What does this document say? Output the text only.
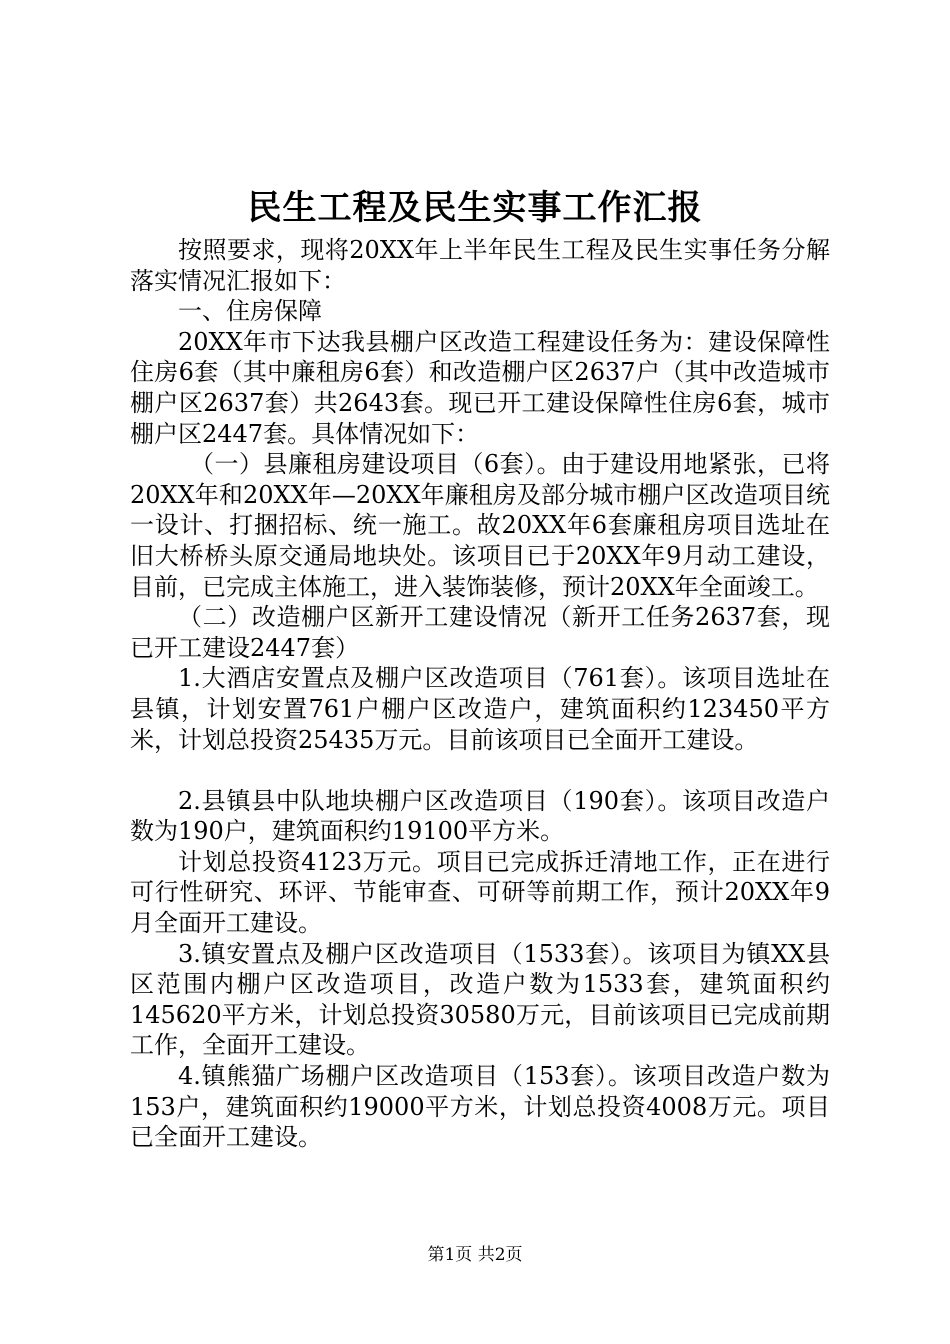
民生工程及民生实事工作汇报

按照要求，现将20XX年上半年民生工程及民生实事任务分解落实情况汇报如下：

一、住房保障

20XX年市下达我县棚户区改造工程建设任务为：建设保障性住房6套（其中廉租房6套）和改造棚户区2637户（其中改造城市棚户区2637套）共2643套。现已开工建设保障性住房6套，城市棚户区2447套。具体情况如下：

（一）县廉租房建设项目（6套）。由于建设用地紧张，已将20XX年和20XX年—20XX年廉租房及部分城市棚户区改造项目统一设计、打捆招标、统一施工。故20XX年6套廉租房项目选址在旧大桥桥头原交通局地块处。该项目已于20XX年9月动工建设，目前，已完成主体施工，进入装饰装修，预计20XX年全面竣工。

（二）改造棚户区新开工建设情况（新开工任务2637套，现已开工建设2447套）

1.大酒店安置点及棚户区改造项目（761套）。该项目选址在县镇，计划安置761户棚户区改造户，建筑面积约123450平方米，计划总投资25435万元。目前该项目已全面开工建设。

2.县镇县中队地块棚户区改造项目（190套）。该项目改造户数为190户，建筑面积约19100平方米。

计划总投资4123万元。项目已完成拆迁清地工作，正在进行可行性研究、环评、节能审查、可研等前期工作，预计20XX年9月全面开工建设。

3.镇安置点及棚户区改造项目（1533套）。该项目为镇XX县区范围内棚户区改造项目，改造户数为1533套，建筑面积约145620平方米，计划总投资30580万元，目前该项目已完成前期工作，全面开工建设。

4.镇熊猫广场棚户区改造项目（153套）。该项目改造户数为153户，建筑面积约19000平方米，计划总投资4008万元。项目已全面开工建设。

第1页 共2页
